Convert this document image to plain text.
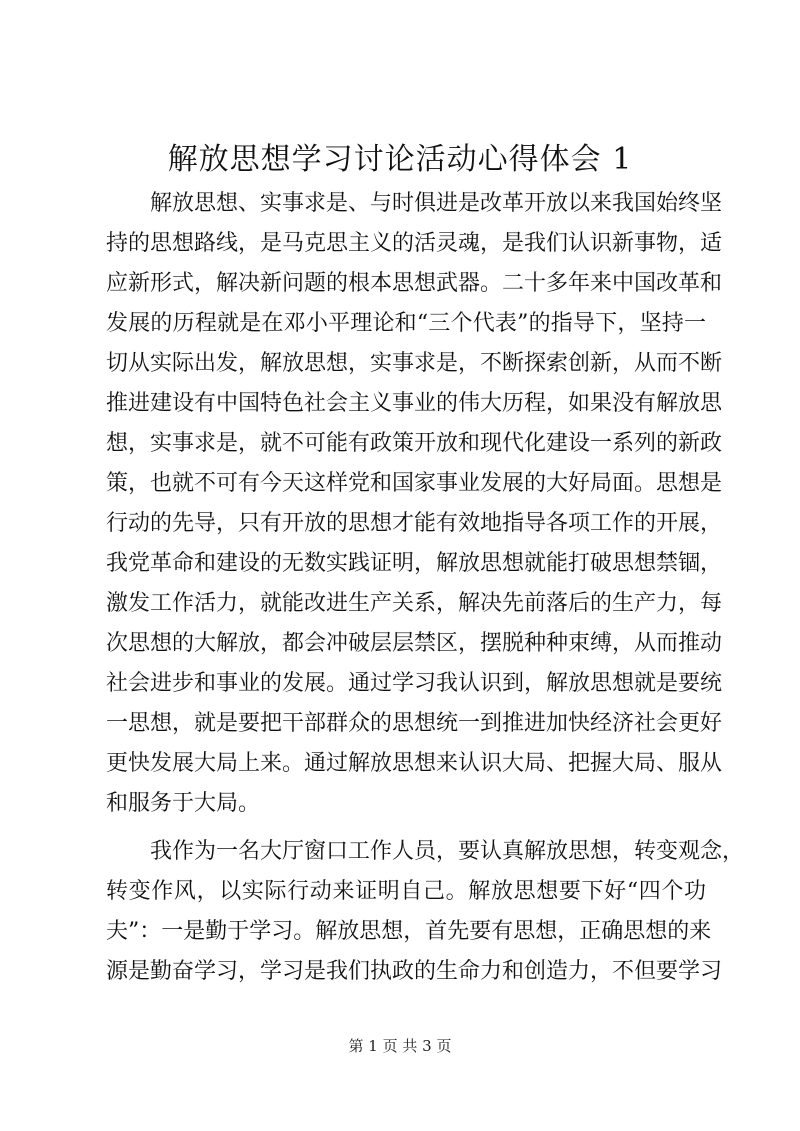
解放思想学习讨论活动心得体会 1
　　解放思想、实事求是、与时俱进是改革开放以来我国始终坚
持的思想路线，是马克思主义的活灵魂，是我们认识新事物，适
应新形式，解决新问题的根本思想武器。二十多年来中国改革和
发展的历程就是在邓小平理论和“三个代表”的指导下，坚持一
切从实际出发，解放思想，实事求是，不断探索创新，从而不断
推进建设有中国特色社会主义事业的伟大历程，如果没有解放思
想，实事求是，就不可能有政策开放和现代化建设一系列的新政
策，也就不可有今天这样党和国家事业发展的大好局面。思想是
行动的先导，只有开放的思想才能有效地指导各项工作的开展，
我党革命和建设的无数实践证明，解放思想就能打破思想禁锢，
激发工作活力，就能改进生产关系，解决先前落后的生产力，每
次思想的大解放，都会冲破层层禁区，摆脱种种束缚，从而推动
社会进步和事业的发展。通过学习我认识到，解放思想就是要统
一思想，就是要把干部群众的思想统一到推进加快经济社会更好
更快发展大局上来。通过解放思想来认识大局、把握大局、服从
和服务于大局。
　　我作为一名大厅窗口工作人员，要认真解放思想，转变观念，
转变作风，以实际行动来证明自己。解放思想要下好“四个功
夫”：一是勤于学习。解放思想，首先要有思想，正确思想的来
源是勤奋学习，学习是我们执政的生命力和创造力，不但要学习
第 1 页 共 3 页
